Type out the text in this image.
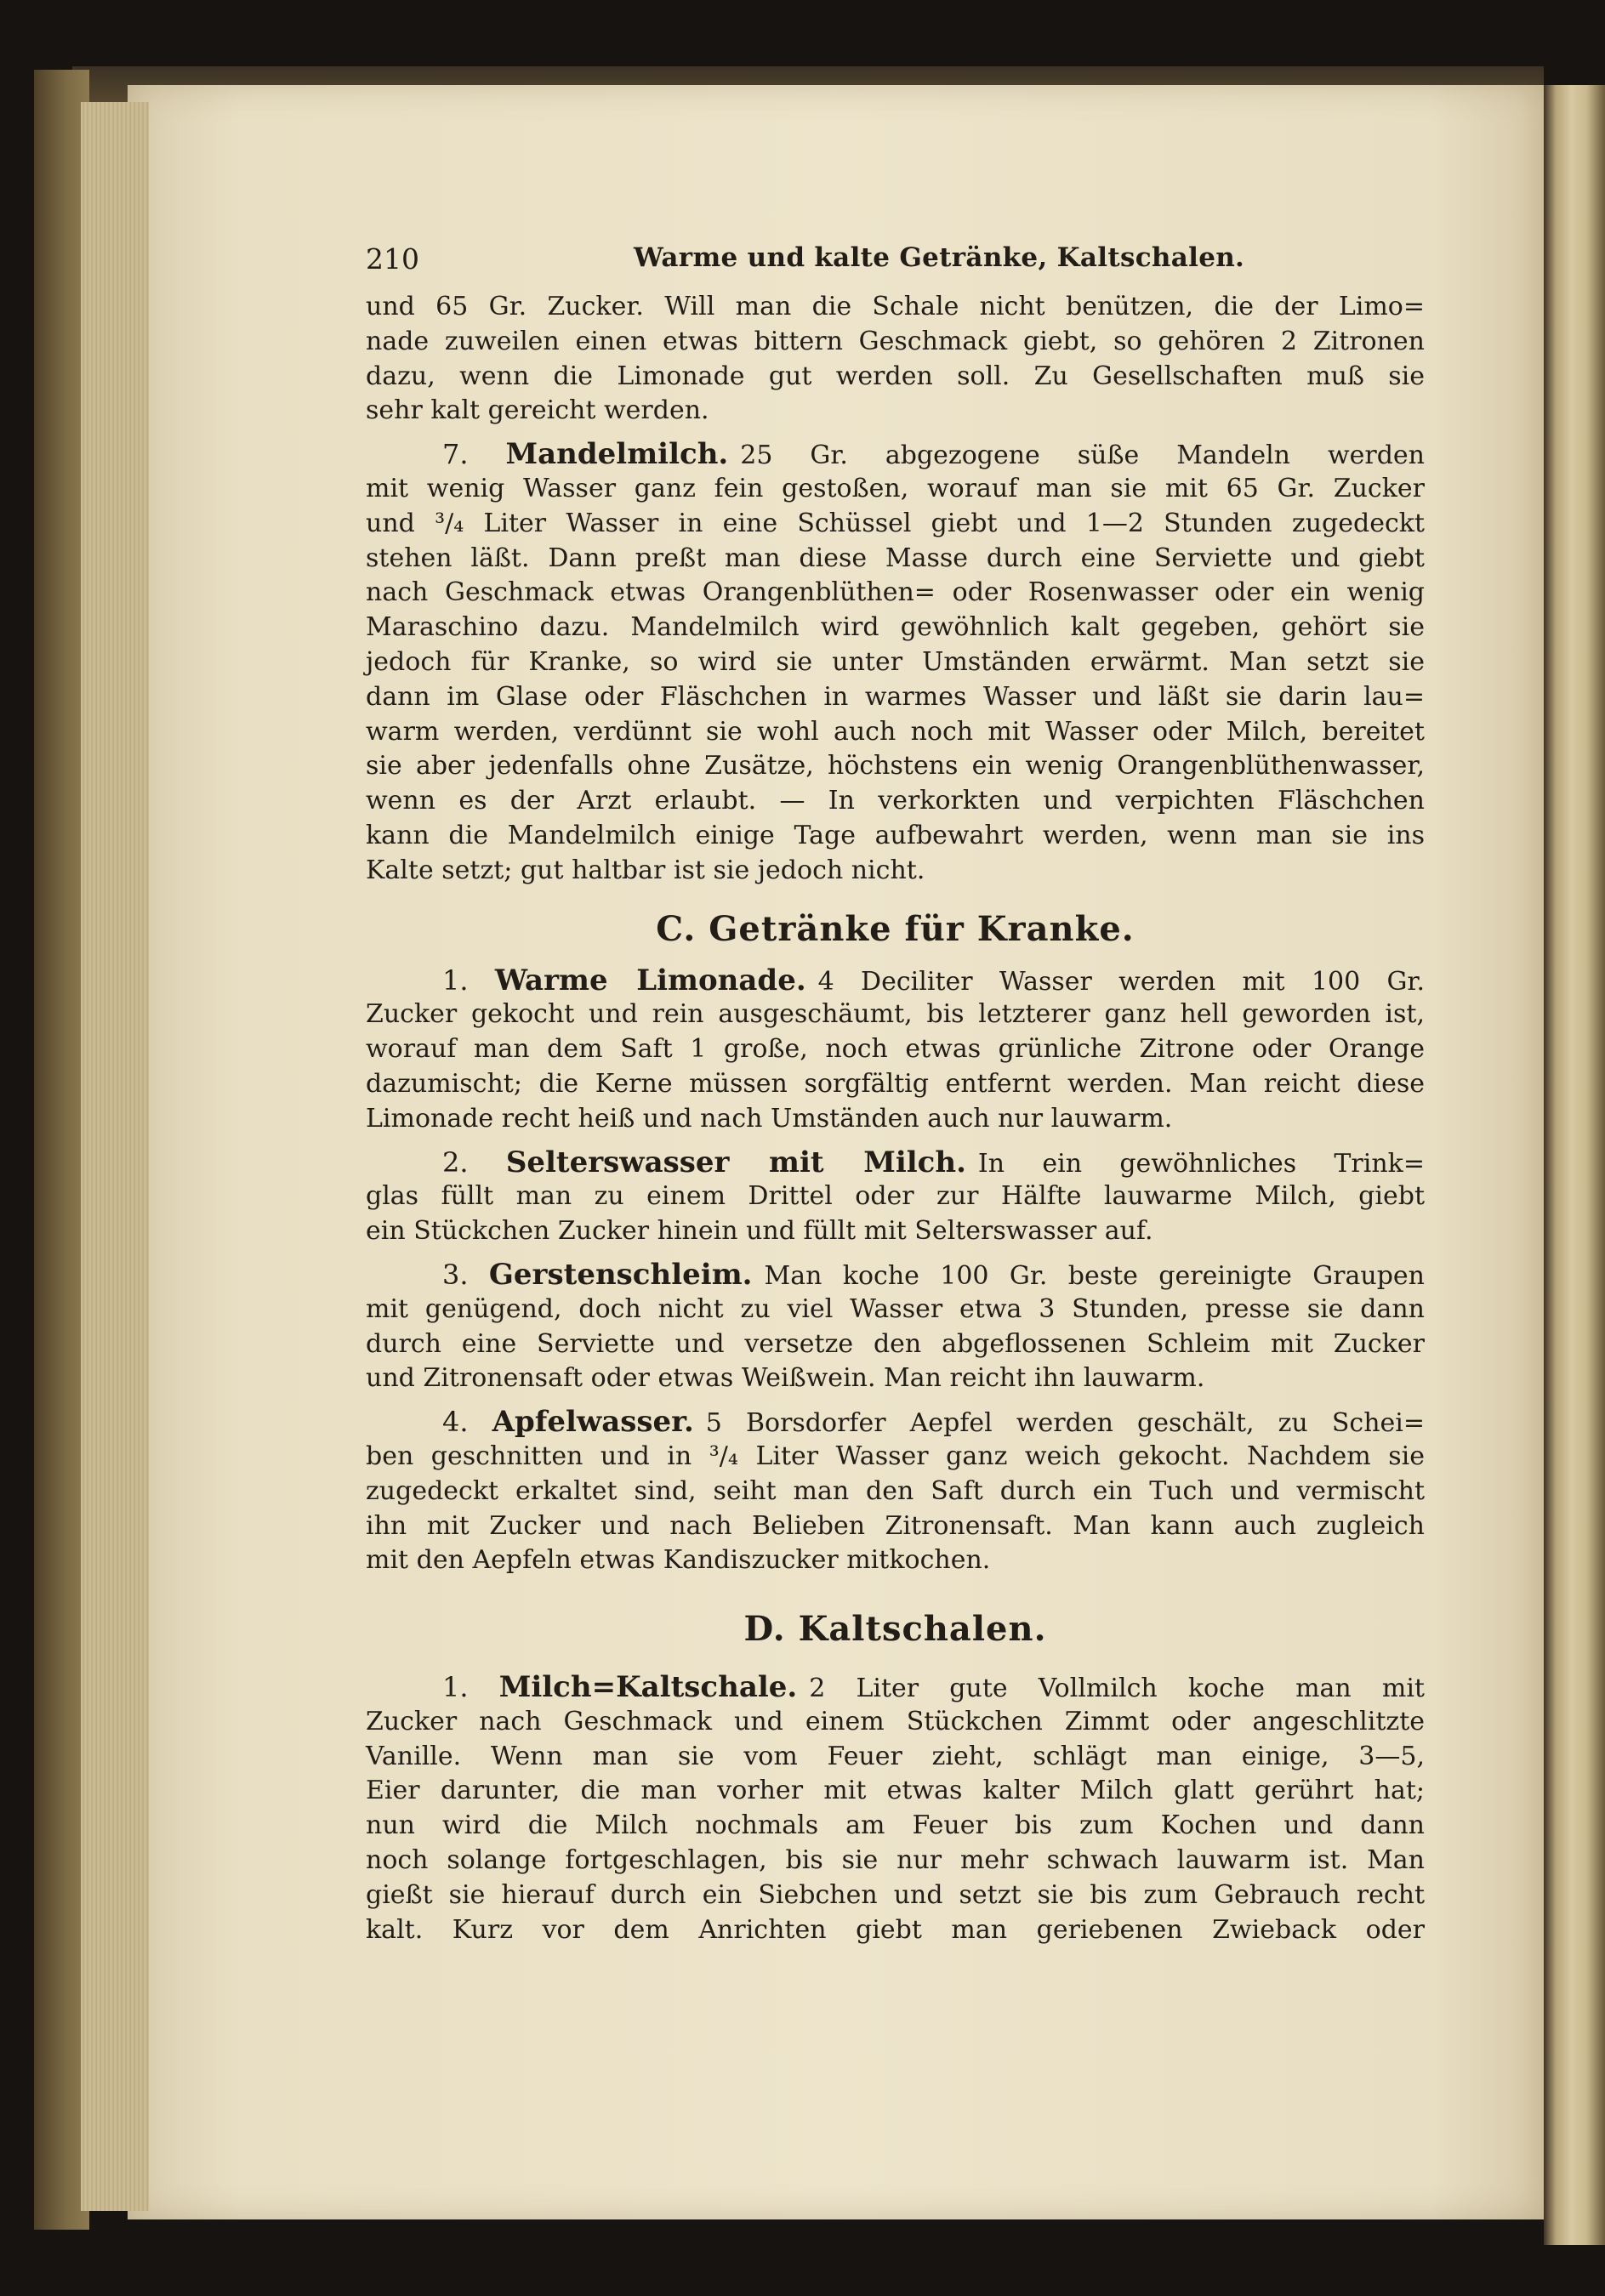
210	Warme und kalte Getränke, Kaltschalen.
und 65 Gr. Zucker. Will man die Schale nicht benützen, die der Limo=
nade zuweilen einen etwas bittern Geschmack giebt, so gehören 2 Zitronen
dazu, wenn die Limonade gut werden soll. Zu Gesellschaften muß sie
sehr kalt gereicht werden.
7. Mandelmilch. 25 Gr. abgezogene süße Mandeln werden
mit wenig Wasser ganz fein gestoßen, worauf man sie mit 65 Gr. Zucker
und ³/₄ Liter Wasser in eine Schüssel giebt und 1—2 Stunden zugedeckt
stehen läßt. Dann preßt man diese Masse durch eine Serviette und giebt
nach Geschmack etwas Orangenblüthen= oder Rosenwasser oder ein wenig
Maraschino dazu. Mandelmilch wird gewöhnlich kalt gegeben, gehört sie
jedoch für Kranke, so wird sie unter Umständen erwärmt. Man setzt sie
dann im Glase oder Fläschchen in warmes Wasser und läßt sie darin lau=
warm werden, verdünnt sie wohl auch noch mit Wasser oder Milch, bereitet
sie aber jedenfalls ohne Zusätze, höchstens ein wenig Orangenblüthenwasser,
wenn es der Arzt erlaubt. — In verkorkten und verpichten Fläschchen
kann die Mandelmilch einige Tage aufbewahrt werden, wenn man sie ins
Kalte setzt; gut haltbar ist sie jedoch nicht.
C. Getränke für Kranke.
1. Warme Limonade. 4 Deciliter Wasser werden mit 100 Gr.
Zucker gekocht und rein ausgeschäumt, bis letzterer ganz hell geworden ist,
worauf man dem Saft 1 große, noch etwas grünliche Zitrone oder Orange
dazumischt; die Kerne müssen sorgfältig entfernt werden. Man reicht diese
Limonade recht heiß und nach Umständen auch nur lauwarm.
2. Selterswasser mit Milch. In ein gewöhnliches Trink=
glas füllt man zu einem Drittel oder zur Hälfte lauwarme Milch, giebt
ein Stückchen Zucker hinein und füllt mit Selterswasser auf.
3. Gerstenschleim. Man koche 100 Gr. beste gereinigte Graupen
mit genügend, doch nicht zu viel Wasser etwa 3 Stunden, presse sie dann
durch eine Serviette und versetze den abgeflossenen Schleim mit Zucker
und Zitronensaft oder etwas Weißwein. Man reicht ihn lauwarm.
4. Apfelwasser. 5 Borsdorfer Aepfel werden geschält, zu Schei=
ben geschnitten und in ³/₄ Liter Wasser ganz weich gekocht. Nachdem sie
zugedeckt erkaltet sind, seiht man den Saft durch ein Tuch und vermischt
ihn mit Zucker und nach Belieben Zitronensaft. Man kann auch zugleich
mit den Aepfeln etwas Kandiszucker mitkochen.
D. Kaltschalen.
1. Milch=Kaltschale. 2 Liter gute Vollmilch koche man mit
Zucker nach Geschmack und einem Stückchen Zimmt oder angeschlitzte
Vanille. Wenn man sie vom Feuer zieht, schlägt man einige, 3—5,
Eier darunter, die man vorher mit etwas kalter Milch glatt gerührt hat;
nun wird die Milch nochmals am Feuer bis zum Kochen und dann
noch solange fortgeschlagen, bis sie nur mehr schwach lauwarm ist. Man
gießt sie hierauf durch ein Siebchen und setzt sie bis zum Gebrauch recht
kalt. Kurz vor dem Anrichten giebt man geriebenen Zwieback oder
